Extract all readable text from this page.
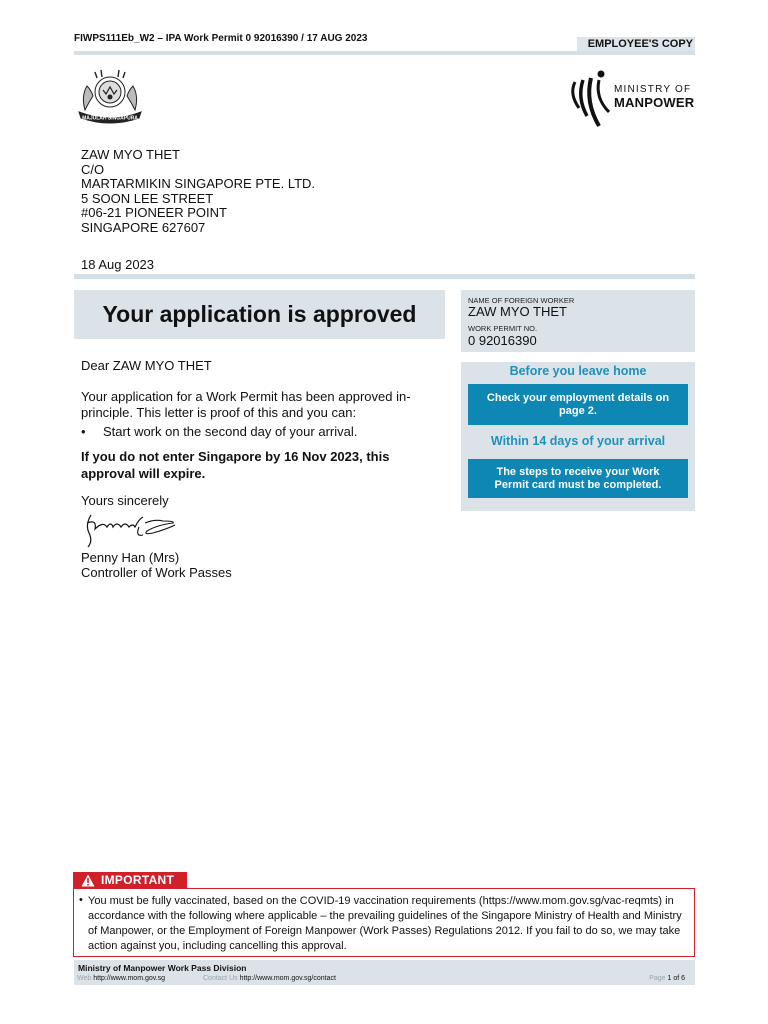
FIWPS111Eb_W2 – IPA Work Permit 0 92016390 / 17 AUG 2023	EMPLOYEE'S COPY
MAJULAH SINGAPURA
MINISTRY OF
MANPOWER
ZAW MYO THET
C/O
MARTARMIKIN SINGAPORE PTE. LTD.
5 SOON LEE STREET
#06-21 PIONEER POINT
SINGAPORE 627607
18 Aug 2023
Your application is approved
NAME OF FOREIGN WORKER
ZAW MYO THET
WORK PERMIT NO.
0 92016390
Before you leave home
Check your employment details on page 2.
Within 14 days of your arrival
The steps to receive your Work Permit card must be completed.
Dear ZAW MYO THET
Your application for a Work Permit has been approved in-principle. This letter is proof of this and you can:
• Start work on the second day of your arrival.
If you do not enter Singapore by 16 Nov 2023, this approval will expire.
Yours sincerely
Penny Han (Mrs)
Controller of Work Passes
IMPORTANT
• You must be fully vaccinated, based on the COVID-19 vaccination requirements (https://www.mom.gov.sg/vac-reqmts) in accordance with the following where applicable – the prevailing guidelines of the Singapore Ministry of Health and Ministry of Manpower, or the Employment of Foreign Manpower (Work Passes) Regulations 2012. If you fail to do so, we may take action against you, including cancelling this approval.
Ministry of Manpower Work Pass Division
Web http://www.mom.gov.sg	Contact Us http://www.mom.gov.sg/contact	Page 1 of 6
